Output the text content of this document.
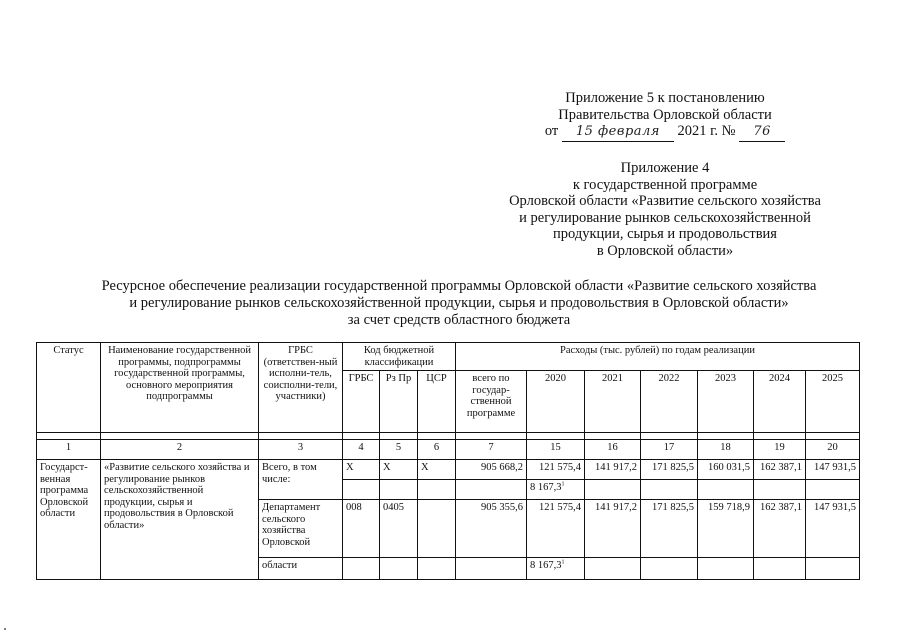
Приложение 5 к постановлению
Правительства Орловской области
от 15 февраля 2021 г. № 76
Приложение 4
к государственной программе
Орловской области «Развитие сельского хозяйства
и регулирование рынков сельскохозяйственной
продукции, сырья и продовольствия
в Орловской области»
Ресурсное обеспечение реализации государственной программы Орловской области «Развитие сельского хозяйства
и регулирование рынков сельскохозяйственной продукции, сырья и продовольствия в Орловской области»
за счет средств областного бюджета
Статус	Наименование государственной программы, подпрограммы государственной программы, основного мероприятия подпрограммы	ГРБС (ответствен-ный исполни-тель, соисполни-тели, участники)	Код бюджетной классификации			Расходы (тыс. рублей) по годам реализации						
			ГРБС	Рз Пр	ЦСР	всего по государ-ственной программе	2020	2021	2022	2023	2024	2025

1	2	3	4	5	6	7	15	16	17	18	19	20
Государст-венная программа Орловской области	«Развитие сельского хозяйства и регулирование рынков сельскохозяйственной продукции, сырья и продовольствия в Орловской области»	Всего, в том числе:	Х	Х	Х	905 668,2	121 575,4	141 917,2	171 825,5	160 031,5	162 387,1	147 931,5
							8 167,3$^1$					
		Департамент сельского хозяйства Орловской	008	0405		905 355,6	121 575,4	141 917,2	171 825,5	159 718,9	162 387,1	147 931,5
		области					8 167,3$^1$					
